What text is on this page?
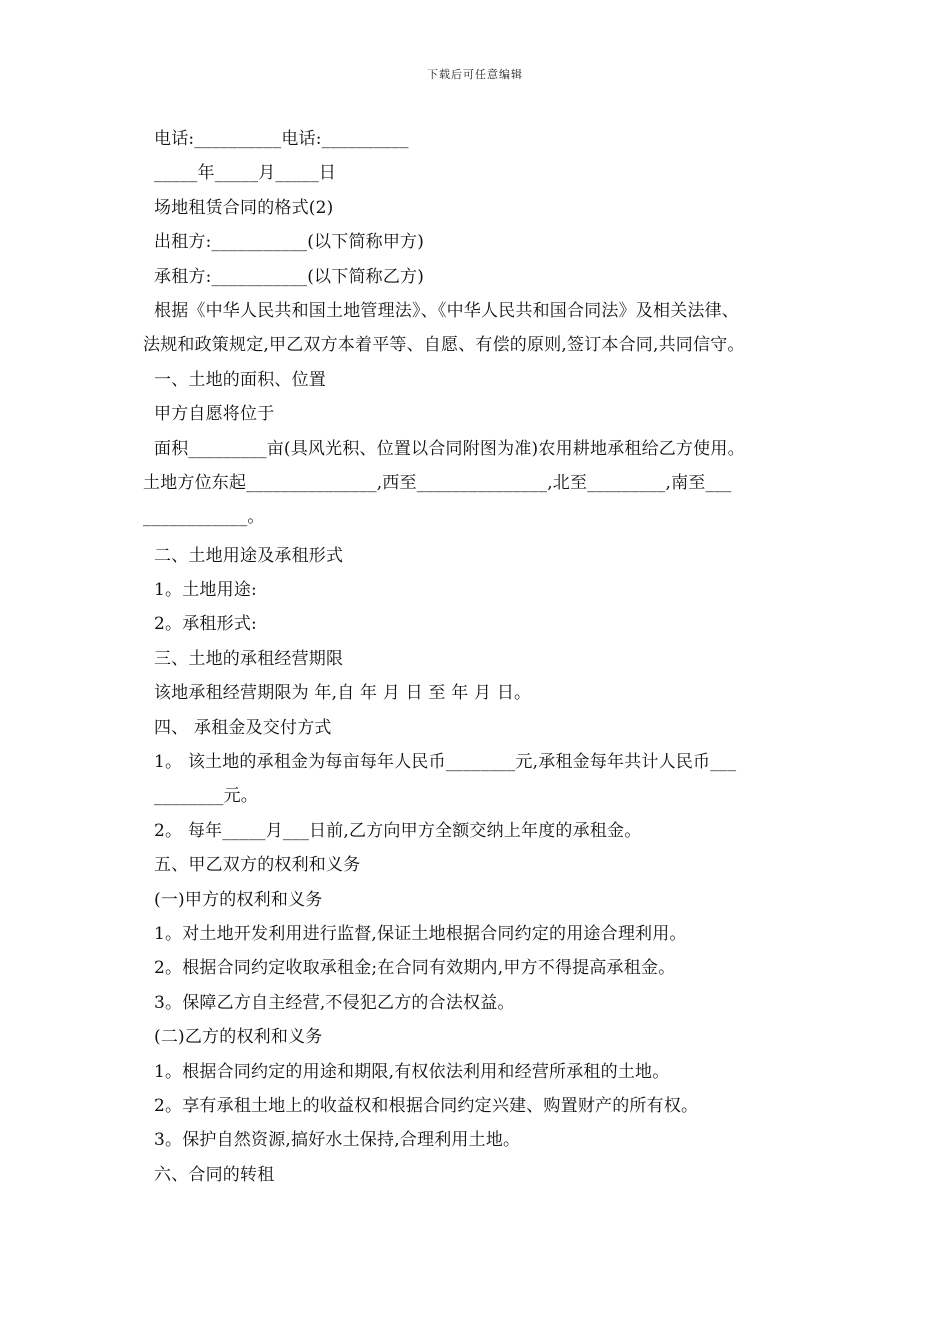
下载后可任意编辑
电话:__________电话:__________
_____年_____月_____日
场地租赁合同的格式(2)
出租方:___________(以下简称甲方)
承租方:___________(以下简称乙方)
根据《中华人民共和国土地管理法》、《中华人民共和国合同法》及相关法律、
法规和政策规定,甲乙双方本着平等、自愿、有偿的原则,签订本合同,共同信守。
一、土地的面积、位置
甲方自愿将位于
面积_________亩(具风光积、位置以合同附图为准)农用耕地承租给乙方使用。
土地方位东起_______________,西至_______________,北至_________,南至___
____________。
二、土地用途及承租形式
1。土地用途:
2。承租形式:
三、土地的承租经营期限
该地承租经营期限为 年,自 年 月 日 至 年 月 日。
四、 承租金及交付方式
1。 该土地的承租金为每亩每年人民币________元,承租金每年共计人民币___
________元。
2。 每年_____月___日前,乙方向甲方全额交纳上年度的承租金。
五、甲乙双方的权利和义务
(一)甲方的权利和义务
1。对土地开发利用进行监督,保证土地根据合同约定的用途合理利用。
2。根据合同约定收取承租金;在合同有效期内,甲方不得提高承租金。
3。保障乙方自主经营,不侵犯乙方的合法权益。
(二)乙方的权利和义务
1。根据合同约定的用途和期限,有权依法利用和经营所承租的土地。
2。享有承租土地上的收益权和根据合同约定兴建、购置财产的所有权。
3。保护自然资源,搞好水土保持,合理利用土地。
六、合同的转租
